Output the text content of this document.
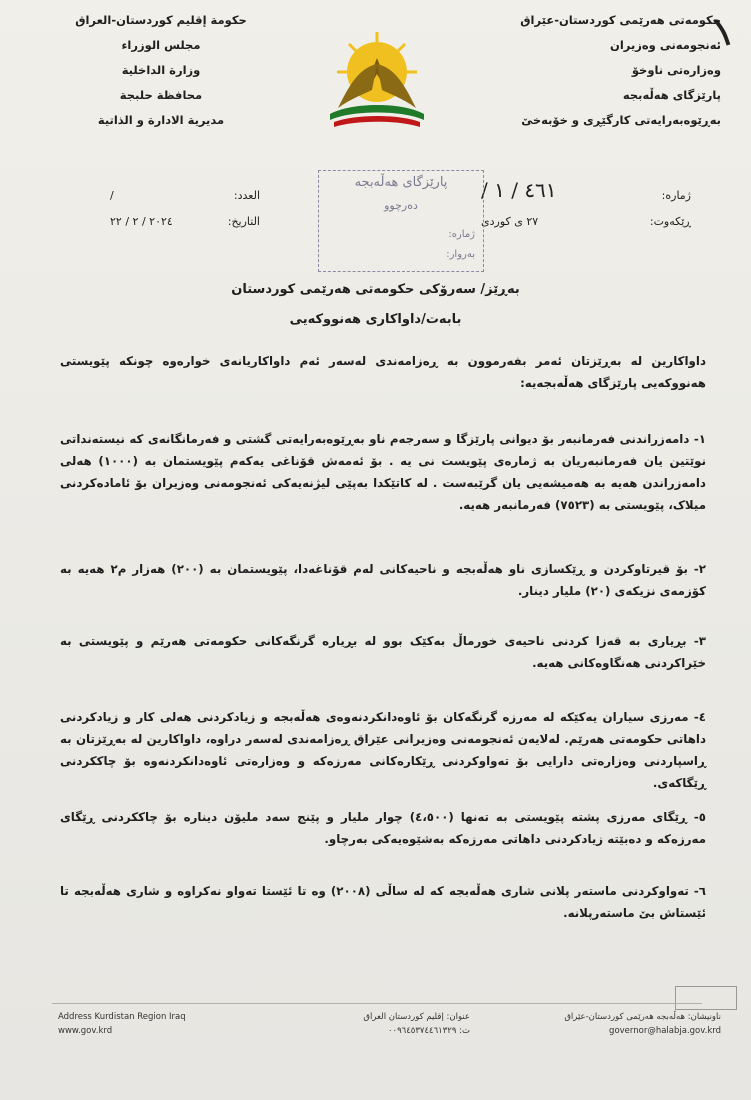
١
حکومەتی هەرێمی کوردستان-عێراق
ئەنجومەنی وەزیران
وەزارەتی ناوخۆ
پارێزگای هەڵەبجە
بەڕێوەبەرایەتی کارگێڕی و خۆبەخێ
حكومة إقليم كوردستان-العراق
مجلس الوزراء
وزارة الداخلية
محافظة حلبجة
مديرية الادارة و الذاتية
ژمارە:
٤٦١ / ١ /
ڕێکەوت:
٢٧ ی کوردی
العدد:
/
التاريخ:
٢٠٢٤ / ٢ / ٢٢
پارێزگای هەڵەبجە
دەرچوو
ژمارە:
بەروار:
بەڕێز/ سەرۆکی حکومەتی هەرێمی کوردستان
بابەت/داواکاری هەنووکەیی
داواکارین لە بەڕێزتان ئەمر بفەرموون بە ڕەزامەندی لەسەر ئەم داواکاریانەی خوارەوە چونکە پێویستی هەنووکەیی پارێزگای هەڵەبجەیە:
١- دامەزراندنی فەرمانبەر بۆ دیوانی پارێزگا و سەرجەم ناو بەڕێوەبەرایەتی گشتی و فەرمانگانەی کە نیستەنداتی نوێتین یان فەرمانبەریان بە ژمارەی پێویست نی یە . بۆ ئەمەش قۆناغی یەکەم پێویستمان بە (١٠٠٠) هەلی دامەزراندن هەیە بە هەمیشەیی یان گرێبەست . لە کاتێکدا بەپێی لیژنەیەکی ئەنجومەنی وەزیران بۆ ئامادەکردنی میلاک، پێویستی بە (٧٥٢٣) فەرمانبەر هەیە.
٢- بۆ قیرتاوکردن و ڕێکسازی ناو هەڵەبجە و ناحیەکانی لەم قۆناغەدا، پێویستمان بە (٢٠٠) هەزار م٢ هەیە بە کۆزمەی نزیکەی (٢٠) ملیار دینار.
٣- بڕیاری بە قەزا کردنی ناحیەی خورماڵ بەکێک بوو لە بڕیارە گرنگەکانی حکومەتی هەرێم و پێویستی بە خێراکردنی هەنگاوەکانی هەیە.
٤- مەرزی سیاران یەکێکە لە مەرزە گرنگەکان بۆ ئاوەدانکردنەوەی هەڵەبجە و زیادکردنی هەلی کار و زیادکردنی داهاتی حکومەتی هەرێم. لەلایەن ئەنجومەنی وەزیرانی عێراق ڕەزامەندی لەسەر دراوە، داواکارین لە بەڕێزتان بە ڕاسپاردنی وەزارەتی دارایی بۆ تەواوکردنی ڕێکارەکانی مەرزەکە و وەزارەتی ئاوەدانکردنەوە بۆ چاککردنی ڕێگاکەی.
٥- ڕێگای مەرزی پشتە پێویستی بە تەنها (٤،٥٠٠) چوار ملیار و پێنج سەد ملیۆن دینارە بۆ چاککردنی ڕێگای مەرزەکە و دەبێتە زیادکردنی داهاتی مەرزەکە بەشێوەیەکی بەرچاو.
٦- تەواوکردنی ماستەر پلانی شاری هەڵەبجە کە لە ساڵی (٢٠٠٨) وە تا ئێستا تەواو نەکراوە و شاری هەڵەبجە تا ئێستاش بێ ماستەرپلانە.
Address Kurdistan Region Iraq
www.gov.krd
عنوان: إقليم كوردستان العراق
ت: ٠٠٩٦٤٥٣٧٤٤٦١٣٢٩
ناونیشان: هەڵەبجە هەرێمی کوردستان-عێراق
governor@halabja.gov.krd
